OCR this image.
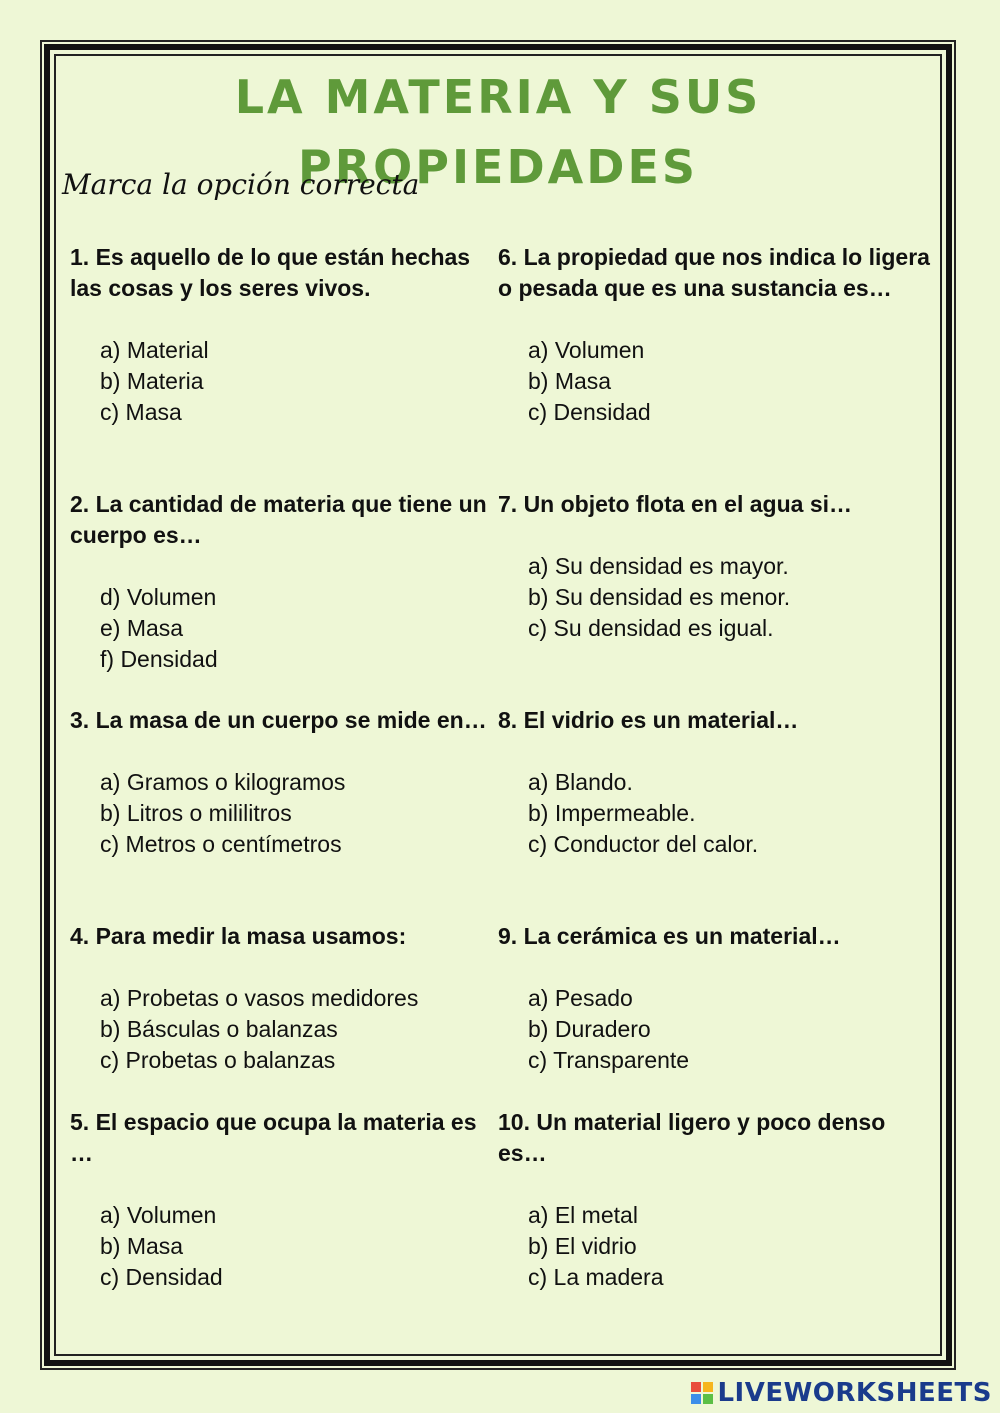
LA MATERIA Y SUS PROPIEDADES
Marca la opción correcta
1. Es aquello de lo que están hechas las cosas y los seres vivos.
a) Material
b) Materia
c) Masa
2. La cantidad de materia que tiene un cuerpo es…
d) Volumen
e) Masa
f) Densidad
3. La masa de un cuerpo se mide en…
a) Gramos o kilogramos
b) Litros o mililitros
c) Metros o centímetros
4. Para medir la masa usamos:
a) Probetas o vasos medidores
b) Básculas o balanzas
c) Probetas o balanzas
5. El espacio que ocupa la materia es …
a) Volumen
b) Masa
c) Densidad
6. La propiedad que nos indica lo ligera o pesada que es una sustancia es…
a) Volumen
b) Masa
c) Densidad
7. Un objeto flota en el agua si…
a) Su densidad es mayor.
b) Su densidad es menor.
c) Su densidad es igual.
8. El vidrio es un material…
a) Blando.
b) Impermeable.
c) Conductor del calor.
9. La cerámica es un material…
a) Pesado
b) Duradero
c) Transparente
10. Un material ligero y poco denso es…
a) El metal
b) El vidrio
c) La madera
LIVEWORKSHEETS
